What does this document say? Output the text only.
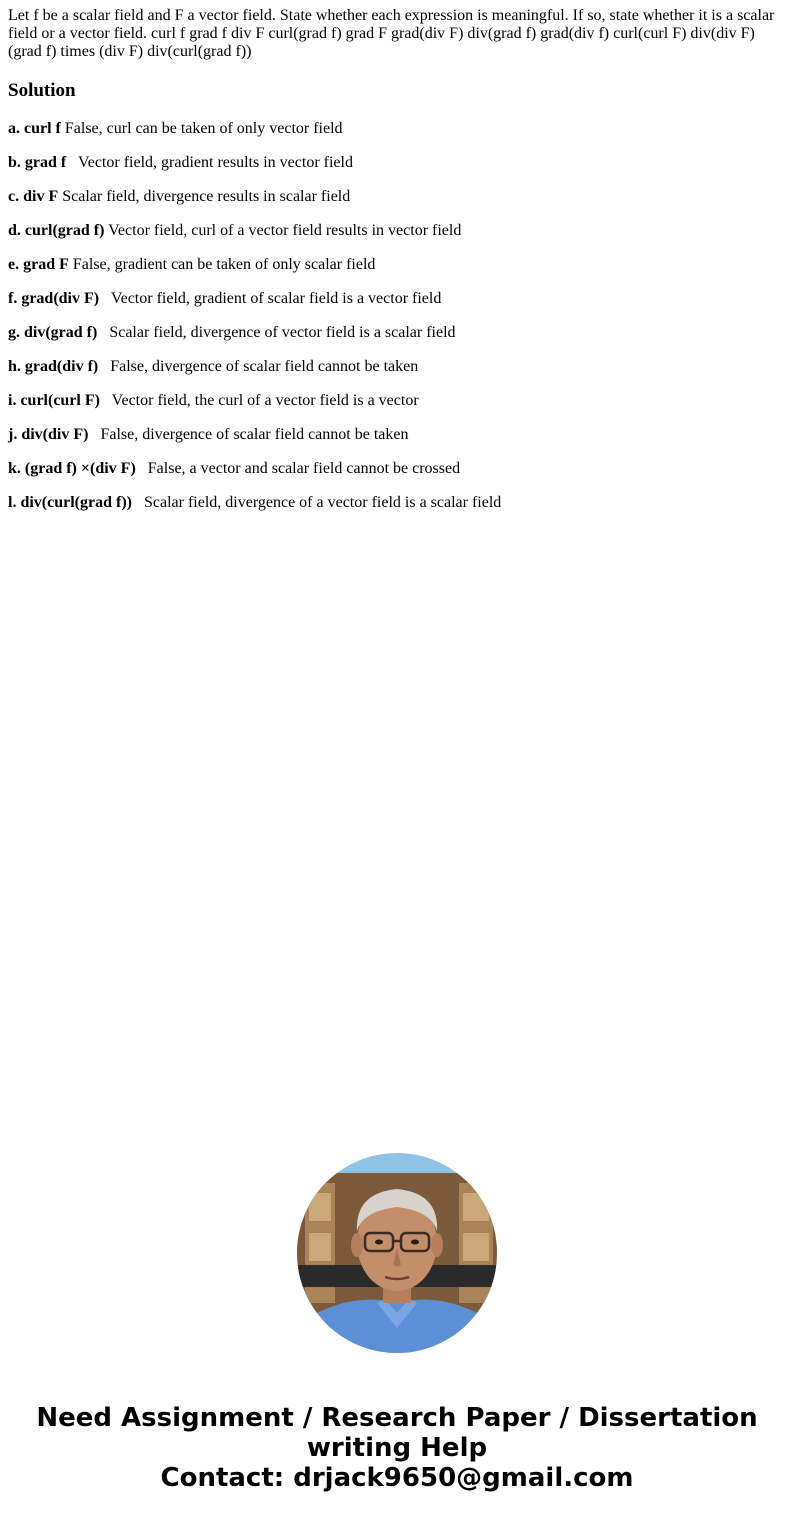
Let f be a scalar field and F a vector field. State whether each expression is meaningful. If so, state whether it is a scalar field or a vector field. curl f grad f div F curl(grad f) grad F grad(div F) div(grad f) grad(div f) curl(curl F) div(div F) (grad f) times (div F) div(curl(grad f))

Solution

a. curl f False, curl can be taken of only vector field

b. grad f   Vector field, gradient results in vector field

c. div F Scalar field, divergence results in scalar field

d. curl(grad f) Vector field, curl of a vector field results in vector field

e. grad F False, gradient can be taken of only scalar field

f. grad(div F)   Vector field, gradient of scalar field is a vector field

g. div(grad f)   Scalar field, divergence of vector field is a scalar field

h. grad(div f)   False, divergence of scalar field cannot be taken

i. curl(curl F)   Vector field, the curl of a vector field is a vector

j. div(div F)   False, divergence of scalar field cannot be taken

k. (grad f) ×(div F)   False, a vector and scalar field cannot be crossed

l. div(curl(grad f))   Scalar field, divergence of a vector field is a scalar field

Need Assignment / Research Paper / Dissertation
writing Help
Contact: drjack9650@gmail.com
